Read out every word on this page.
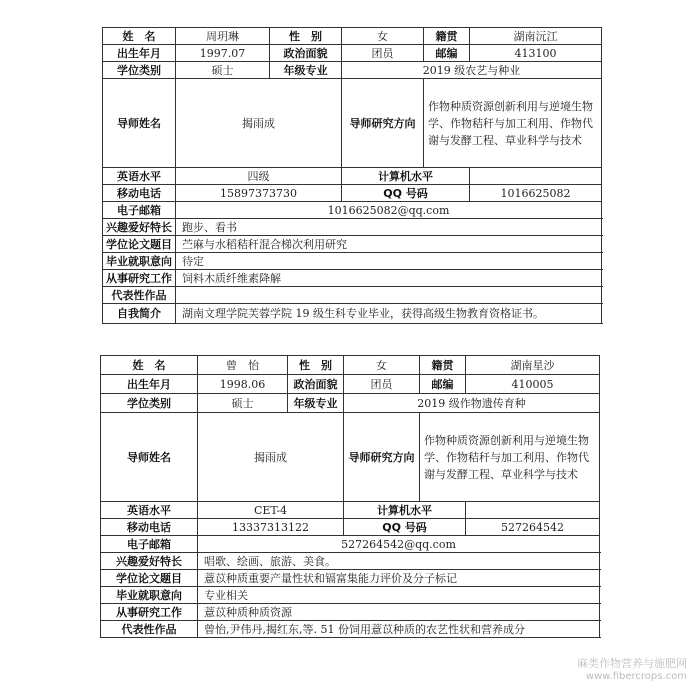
姓　名	周玥琳	性　别	女	籍贯	湖南沅江	

出生年月	1997.07	政治面貌	团员	邮编	413100	
学位类别	硕士	年级专业	2019 级农艺与种业			
导师姓名	揭雨成		导师研究方向	作物种质资源创新利用与逆境生物学、作物秸秆与加工利用、作物代谢与发酵工程、草业科学与技术		
英语水平	四级		计算机水平			
移动电话	15897373730		QQ 号码		1016625082	
电子邮箱	1016625082@qq.com					
兴趣爱好特长	跑步、看书					
学位论文题目	苎麻与水稻秸秆混合梯次利用研究					
毕业就职意向	待定					
从事研究工作	饲料木质纤维素降解					
代表性作品						
自我简介	湖南文理学院芙蓉学院 19 级生科专业毕业，获得高级生物教育资格证书。					
姓　名	曾　怡	性　别	女	籍贯	湖南星沙	

出生年月	1998.06	政治面貌	团员	邮编	410005	
学位类别	硕士	年级专业	2019 级作物遗传育种			
导师姓名	揭雨成		导师研究方向	作物种质资源创新利用与逆境生物学、作物秸秆与加工利用、作物代谢与发酵工程、草业科学与技术		
英语水平	CET-4		计算机水平			
移动电话	13337313122		QQ 号码		527264542	
电子邮箱	527264542@qq.com					
兴趣爱好特长	唱歌、绘画、旅游、美食。					
学位论文题目	薏苡种质重要产量性状和镉富集能力评价及分子标记					
毕业就职意向	专业相关					
从事研究工作	薏苡种质种质资源					
代表性作品	曾怡,尹伟丹,揭红东,等. 51 份饲用薏苡种质的农艺性状和营养成分					
麻类作物营养与施肥网
www.fibercrops.com
